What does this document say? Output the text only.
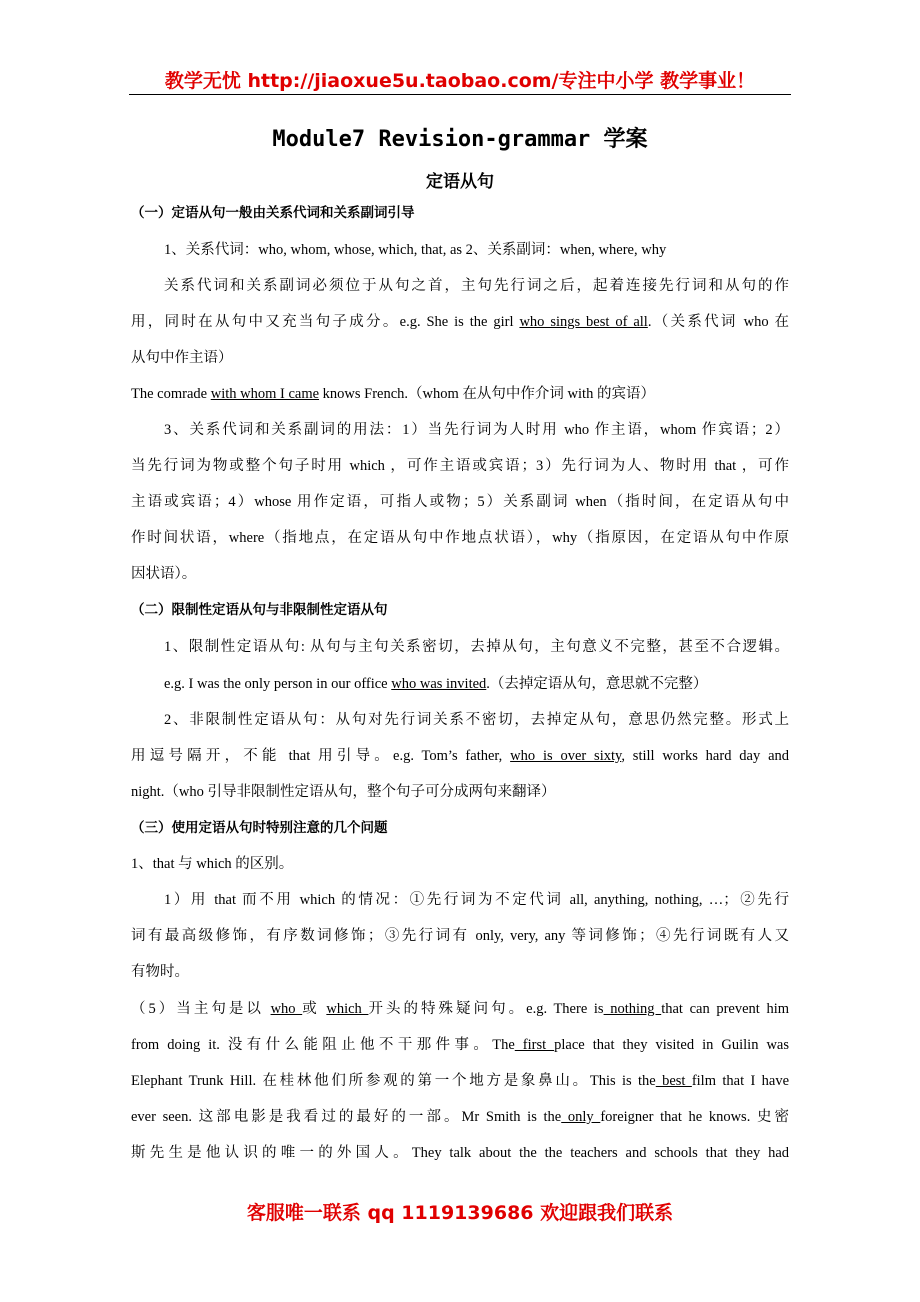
教学无忧 http://jiaoxue5u.taobao.com/专注中小学 教学事业！
Module7 Revision-grammar 学案
定语从句
（一）定语从句一般由关系代词和关系副词引导
1、关系代词：who, whom, whose, which, that, as 2、关系副词：when, where, why
关系代词和关系副词必须位于从句之首，主句先行词之后，起着连接先行词和从句的作
用，同时在从句中又充当句子成分。e.g. She is the girl who sings best of all.（关系代词 who 在
从句中作主语）
The comrade with whom I came knows French.（whom 在从句中作介词 with 的宾语）
3、关系代词和关系副词的用法：1）当先行词为人时用 who 作主语，whom 作宾语；2）
当先行词为物或整个句子时用 which ，可作主语或宾语；3）先行词为人、物时用 that ，可作
主语或宾语；4）whose 用作定语，可指人或物；5）关系副词 when（指时间，在定语从句中
作时间状语，where（指地点，在定语从句中作地点状语），why（指原因，在定语从句中作原
因状语）。
（二）限制性定语从句与非限制性定语从句
1、限制性定语从句: 从句与主句关系密切，去掉从句，主句意义不完整，甚至不合逻辑。
e.g. I was the only person in our office who was invited.（去掉定语从句，意思就不完整）
2、非限制性定语从句：从句对先行词关系不密切，去掉定从句，意思仍然完整。形式上
用逗号隔开，不能 that 用引导。e.g. Tom’s father, who is over sixty, still works hard day and
night.（who 引导非限制性定语从句，整个句子可分成两句来翻译）
（三）使用定语从句时特别注意的几个问题
1、that 与 which 的区别。
1）用 that 而不用 which 的情况：①先行词为不定代词 all, anything, nothing, …；②先行
词有最高级修饰，有序数词修饰；③先行词有 only, very, any 等词修饰；④先行词既有人又
有物时。
（5）当主句是以 who 或 which 开头的特殊疑问句。e.g. There is nothing that can prevent him
from doing it. 没有什么能阻止他不干那件事。The first place that they visited in Guilin was
Elephant Trunk Hill. 在桂林他们所参观的第一个地方是象鼻山。This is the best film that I have
ever seen. 这部电影是我看过的最好的一部。Mr Smith is the only foreigner that he knows. 史密
斯先生是他认识的唯一的外国人。They talk about the the teachers and schools that they had
客服唯一联系 qq 1119139686 欢迎跟我们联系
